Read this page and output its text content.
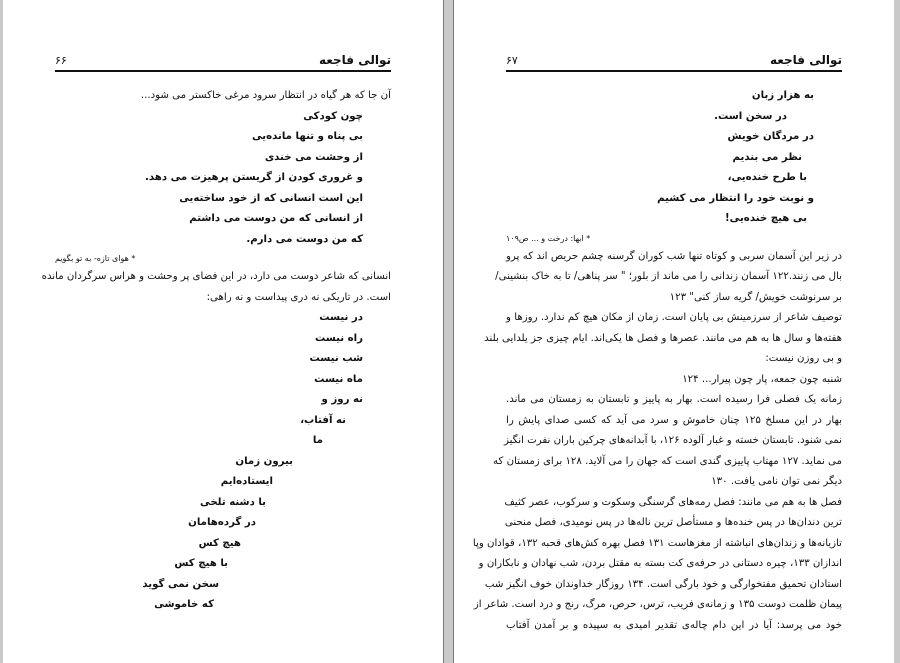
توالی فاجعه
۶۶
آن جا که هر گیاه در انتظار سرود مرغی خاکستر می شود...
چون کودکی
بی پناه و تنها مانده‌یی
از وحشت می خندی
و غروری کودن از گریستن پرهیزت می دهد.
این است انسانی که از خود ساخته‌یی
از انسانی که من دوست می داشتم
که من دوست می دارم.
* هوای تازه- به تو بگویم
انسانی که شاعر دوست می دارد، در این فضای پر وحشت و هراس سرگردان مانده
است. در تاریکی نه دری پیداست و نه راهی:
در نیست
راه نیست
شب نیست
ماه نیست
نه روز و
نه آفتاب،
ما
بیرون زمان
ایستاده‌ایم
با دشنه تلخی
در گرده‌هامان
هیچ کس
با هیچ کس
سخن نمی گوید
که خاموشی
توالی فاجعه
۶۷
به هزار زبان
در سخن است.
در مردگان خویش
نظر می بندیم
با طرح خنده‌یی،
و نوبت خود را انتظار می کشیم
بی هیچ خنده‌یی!
* ابها: درخت و ... ص۱۰۹
در زیر این آسمان سربی و کوتاه تنها شب کوران گرسنه چشم حریص اند که پرو
بال می زنند.۱۲۲ آسمان زندانی را می ماند از بلور؛ " سر پناهی/ تا به خاک بنشینی/
بر سرنوشت خویش/ گریه ساز کنی" ۱۲۳
توصیف شاعر از سرزمینش بی پایان است. زمان از مکان هیچ کم ندارد. روزها و
هفته‌ها و سال ها به هم می مانند. عصرها و فصل ها یکی‌اند. ایام چیزی جز یلدایی بلند
و بی روزن نیست:
شنبه چون جمعه، پار چون پیرار... ۱۲۴
زمانه یک فصلی فرا رسیده است. بهار به پاییز و تابستان به زمستان می ماند.
بهار در این مسلخ ۱۲۵ چنان خاموش و سرد می آید که کسی صدای پایش را
نمی شنود. تابستان خسته و غبار آلوده ۱۲۶، با آبدانه‌های چرکین باران نفرت انگیز
می نماید. ۱۲۷ مهتاب پاییزی گندی است که جهان را می آلاید. ۱۲۸ برای زمستان که
دیگر نمی توان نامی یافت. ۱۳۰
فصل ها به هم می مانند: فصل رمه‌های گرسنگی وسکوت و سرکوب، عصر کثیف
ترین دندان‌ها در پس خنده‌ها و مستأصل ترین ناله‌ها در پس نومیدی، فصل منحنی
تازیانه‌ها و زندان‌های انباشته از مغزهاست ۱۳۱ فصل بهره کش‌های قحبه ۱۳۲، قوادان وپا
اندازان ۱۳۳، چیره دستانی در حرفه‌ی کت بسته به مقتل بردن، شب نهادان و نابکاران و
استادان تحمیق مفتخوارگی و خود بارگی است. ۱۳۴ روزگار خداوندان خوف انگیز شب
پیمان ظلمت دوست ۱۳۵ و زمانه‌ی فریب، ترس، حرص، مرگ، رنج و درد است. شاعر از
خود می پرسد: آیا در این دام چاله‌ی تقدیر امیدی به سپیده و بر آمدن آفتاب
